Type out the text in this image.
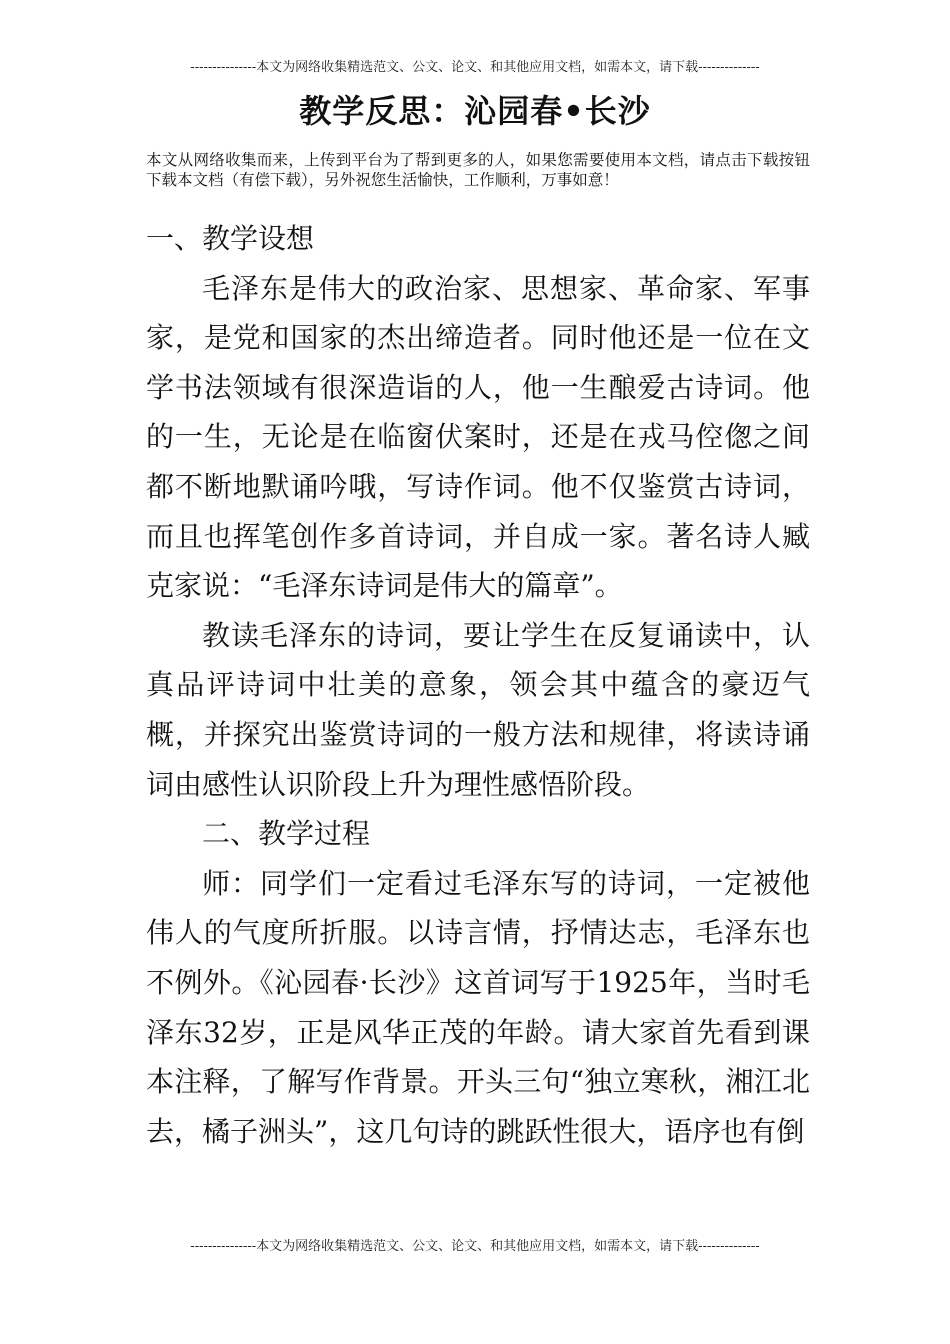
---------------本文为网络收集精选范文、公文、论文、和其他应用文档，如需本文，请下载--------------
教学反思：沁园春•长沙
本文从网络收集而来，上传到平台为了帮到更多的人，如果您需要使用本文档，请点击下载按钮下载本文档（有偿下载），另外祝您生活愉快，工作顺利，万事如意！

一、教学设想

毛泽东是伟大的政治家、思想家、革命家、军事家，是党和国家的杰出缔造者。同时他还是一位在文学书法领域有很深造诣的人，他一生酿爱古诗词。他的一生，无论是在临窗伏案时，还是在戎马倥偬之间都不断地默诵吟哦，写诗作词。他不仅鉴赏古诗词，而且也挥笔创作多首诗词，并自成一家。著名诗人臧克家说：“毛泽东诗词是伟大的篇章”。

教读毛泽东的诗词，要让学生在反复诵读中，认真品评诗词中壮美的意象，领会其中蕴含的豪迈气概，并探究出鉴赏诗词的一般方法和规律，将读诗诵词由感性认识阶段上升为理性感悟阶段。

二、教学过程

师：同学们一定看过毛泽东写的诗词，一定被他伟人的气度所折服。以诗言情，抒情达志，毛泽东也不例外。《沁园春·长沙》这首词写于1925年，当时毛泽东32岁，正是风华正茂的年龄。请大家首先看到课本注释，了解写作背景。开头三句“独立寒秋，湘江北去，橘子洲头”，这几句诗的跳跃性很大，语序也有倒

---------------本文为网络收集精选范文、公文、论文、和其他应用文档，如需本文，请下载--------------
